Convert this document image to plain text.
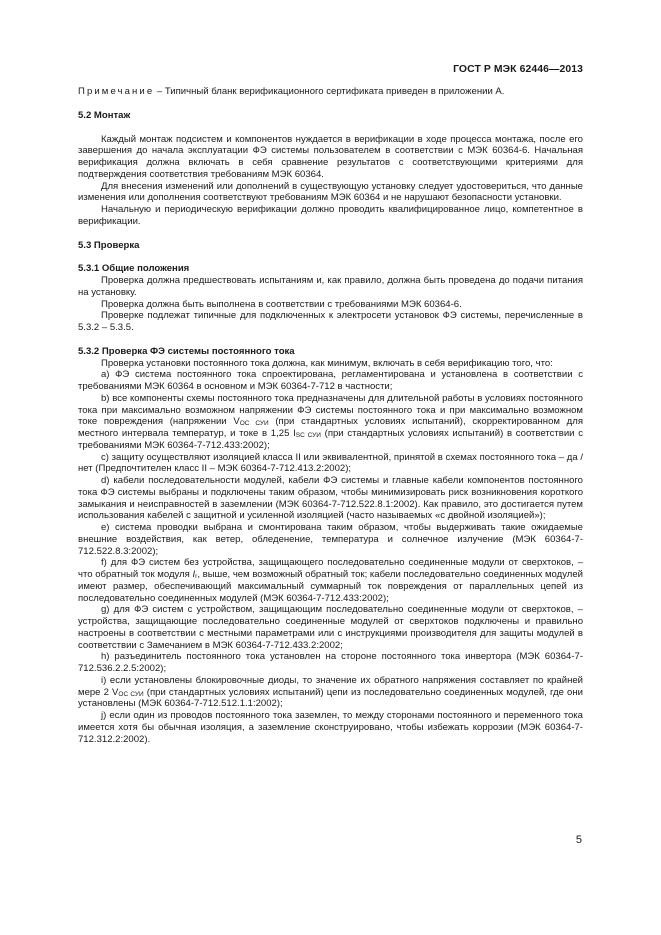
ГОСТ Р МЭК 62446—2013

Примечание – Типичный бланк верификационного сертификата приведен в приложении А.

5.2 Монтаж

Каждый монтаж подсистем и компонентов нуждается в верификации в ходе процесса монтажа, после его завершения до начала эксплуатации ФЭ системы пользователем в соответствии с МЭК 60364-6. Начальная верификация должна включать в себя сравнение результатов с соответствующими критериями для подтверждения соответствия требованиям МЭК 60364.

Для внесения изменений или дополнений в существующую установку следует удостовериться, что данные изменения или дополнения соответствуют требованиям МЭК 60364 и не нарушают безопасности установки.

Начальную и периодическую верификации должно проводить квалифицированное лицо, компетентное в верификации.

5.3 Проверка

5.3.1 Общие положения

Проверка должна предшествовать испытаниям и, как правило, должна быть проведена до подачи питания на установку.

Проверка должна быть выполнена в соответствии с требованиями МЭК 60364-6.

Проверке подлежат типичные для подключенных к электросети установок ФЭ системы, перечисленные в 5.3.2 – 5.3.5.

5.3.2 Проверка ФЭ системы постоянного тока

Проверка установки постоянного тока должна, как минимум, включать в себя верификацию того, что:

а) ФЭ система постоянного тока спроектирована, регламентирована и установлена в соответствии с требованиями МЭК 60364 в основном и МЭК 60364-7-712 в частности;

b) все компоненты схемы постоянного тока предназначены для длительной работы в условиях постоянного тока при максимально возможном напряжении ФЭ системы постоянного тока и при максимально возможном токе повреждения (напряжении $V_{OC СУИ}$ (при стандартных условиях испытаний), скорректированном для местного интервала температур, и токе в 1,25 $I_{SC СУИ}$ (при стандартных условиях испытаний) в соответствии с требованиями МЭК 60364-7-712.433:2002);

с) защиту осуществляют изоляцией класса II или эквивалентной, принятой в схемах постоянного тока – да / нет (Предпочтителен класс II – МЭК 60364-7-712.413.2:2002);

d) кабели последовательности модулей, кабели ФЭ системы и главные кабели компонентов постоянного тока ФЭ системы выбраны и подключены таким образом, чтобы минимизировать риск возникновения короткого замыкания и неисправностей в заземлении (МЭК 60364-7-712.522.8.1:2002). Как правило, это достигается путем использования кабелей с защитной и усиленной изоляцией (часто называемых «с двойной изоляцией»);

е) система проводки выбрана и смонтирована таким образом, чтобы выдерживать такие ожидаемые внешние воздействия, как ветер, обледенение, температура и солнечное излучение (МЭК 60364-7-712.522.8.3:2002);

f) для ФЭ систем без устройства, защищающего последовательно соединенные модули от сверхтоков, – что обратный ток модуля $I_r$, выше, чем возможный обратный ток; кабели последовательно соединенных модулей имеют размер, обеспечивающий максимальный суммарный ток повреждения от параллельных цепей из последовательно соединенных модулей (МЭК 60364-7-712.433:2002);

g) для ФЭ систем с устройством, защищающим последовательно соединенные модули от сверхтоков, – устройства, защищающие последовательно соединенные модулей от сверхтоков подключены и правильно настроены в соответствии с местными параметрами или с инструкциями производителя для защиты модулей в соответствии с Замечанием в МЭК 60364-7-712.433.2:2002;

h) разъединитель постоянного тока установлен на стороне постоянного тока инвертора (МЭК 60364-7-712.536.2.2.5:2002);

i) если установлены блокировочные диоды, то значение их обратного напряжения составляет по крайней мере 2 $V_{OC СУИ}$ (при стандартных условиях испытаний) цепи из последовательно соединенных модулей, где они установлены (МЭК 60364-7-712.512.1.1:2002);

j) если один из проводов постоянного тока заземлен, то между сторонами постоянного и переменного тока имеется хотя бы обычная изоляция, а заземление сконструировано, чтобы избежать коррозии (МЭК 60364-7-712.312.2:2002).

5
